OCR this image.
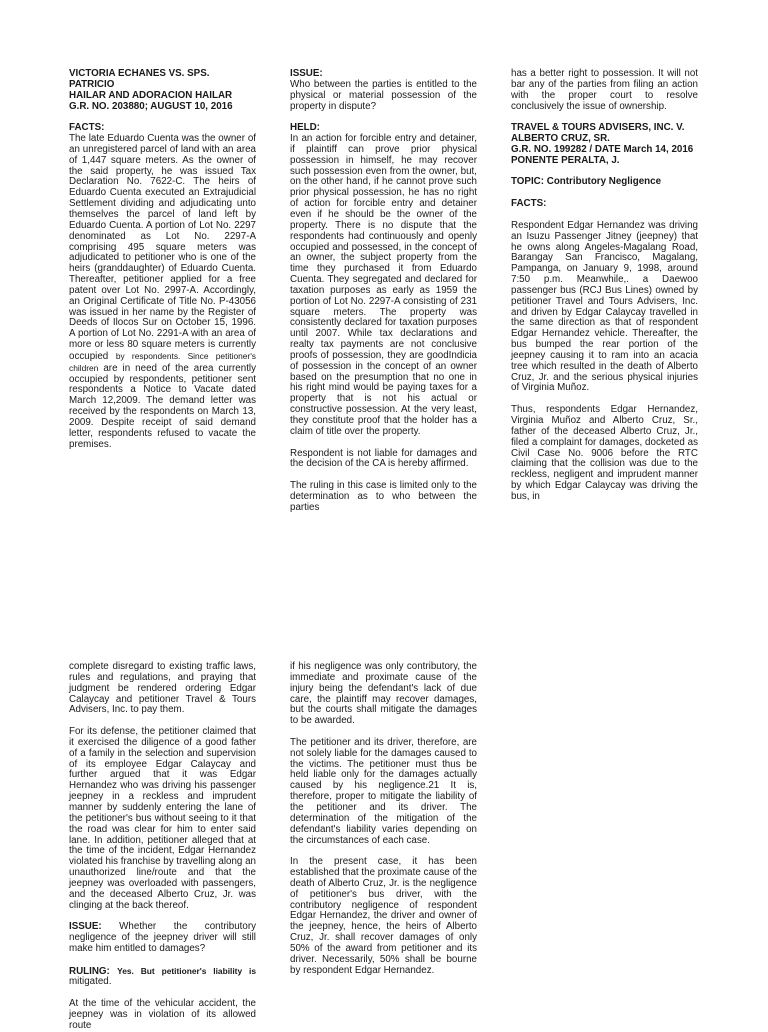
VICTORIA ECHANES VS. SPS. PATRICIO
HAILAR AND ADORACION HAILAR

G.R. NO. 203880; AUGUST 10, 2016

FACTS:
The late Eduardo Cuenta was the owner of an unregistered parcel of land with an area of 1,447 square meters. As the owner of the said property, he was issued Tax Declaration No. 7622-C. The heirs of Eduardo Cuenta executed an Extrajudicial Settlement dividing and adjudicating unto themselves the parcel of land left by Eduardo Cuenta. A portion of Lot No. 2297 denominated as Lot No. 2297-A comprising 495 square meters was adjudicated to petitioner who is one of the heirs (granddaughter) of Eduardo Cuenta. Thereafter, petitioner applied for a free patent over Lot No. 2997-A. Accordingly, an Original Certificate of Title No. P-43056 was issued in her name by the Register of Deeds of Ilocos Sur on October 15, 1996. A portion of Lot No. 2291-A with an area of more or less 80 square meters is currently occupied by respondents. Since petitioner's children are in need of the area currently occupied by respondents, petitioner sent respondents a Notice to Vacate dated March 12,2009. The demand letter was received by the respondents on March 13, 2009. Despite receipt of said demand letter, respondents refused to vacate the premises.
ISSUE:

Who between the parties is entitled to the physical or material possession of the property in dispute?

HELD:

In an action for forcible entry and detainer, if plaintiff can prove prior physical possession in himself, he may recover such possession even from the owner, but, on the other hand, if he cannot prove such prior physical possession, he has no right of action for forcible entry and detainer even if he should be the owner of the property. There is no dispute that the respondents had continuously and openly occupied and possessed, in the concept of an owner, the subject property from the time they purchased it from Eduardo Cuenta. They segregated and declared for taxation purposes as early as 1959 the portion of Lot No. 2297-A consisting of 231 square meters. The property was consistently declared for taxation purposes until 2007. While tax declarations and realty tax payments are not conclusive proofs of possession, they are goodIndicia of possession in the concept of an owner based on the presumption that no one in his right mind would be paying taxes for a property that is not his actual or constructive possession. At the very least, they constitute proof that the holder has a claim of title over the property.

Respondent is not liable for damages and the decision of the CA is hereby affirmed.

The ruling in this case is limited only to the determination as to who between the parties

has a better right to possession. It will not bar any of the parties from filing an action with the proper court to resolve conclusively the issue of ownership.

TRAVEL & TOURS ADVISERS, INC. V.
ALBERTO CRUZ, SR.
G.R. NO. 199282 / DATE March 14, 2016

PONENTE PERALTA, J.

TOPIC: Contributory Negligence

FACTS:

Respondent Edgar Hernandez was driving an Isuzu Passenger Jitney (jeepney) that he owns along Angeles-Magalang Road, Barangay San Francisco, Magalang, Pampanga, on January 9, 1998, around 7:50 p.m. Meanwhile,. a Daewoo passenger bus (RCJ Bus Lines) owned by petitioner Travel and Tours Advisers, Inc. and driven by Edgar Calaycay travelled in the same direction as that of respondent Edgar Hernandez vehicle. Thereafter, the bus bumped the rear portion of the jeepney causing it to ram into an acacia tree which resulted in the death of Alberto Cruz, Jr. and the serious physical injuries of Virginia Muñoz.

Thus, respondents Edgar Hernandez, Virginia Muñoz and Alberto Cruz, Sr., father of the deceased Alberto Cruz, Jr., filed a complaint for damages, docketed as Civil Case No. 9006 before the RTC claiming that the collision was due to the reckless, negligent and imprudent manner by which Edgar Calaycay was driving the bus, in

complete disregard to existing traffic laws, rules and regulations, and praying that judgment be rendered ordering Edgar Calaycay and petitioner Travel & Tours Advisers, Inc. to pay them.

For its defense, the petitioner claimed that it exercised the diligence of a good father of a family in the selection and supervision of its employee Edgar Calaycay and further argued that it was Edgar Hernandez who was driving his passenger jeepney in a reckless and imprudent manner by suddenly entering the lane of the petitioner's bus without seeing to it that the road was clear for him to enter said lane. In addition, petitioner alleged that at the time of the incident, Edgar Hernandez violated his franchise by travelling along an unauthorized line/route and that the jeepney was overloaded with passengers, and the deceased Alberto Cruz, Jr. was clinging at the back thereof.

ISSUE: Whether the contributory negligence of the jeepney driver will still make him entitled to damages?

RULING: Yes. But petitioner's liability is mitigated.

At the time of the vehicular accident, the jeepney was in violation of its allowed route

if his negligence was only contributory, the immediate and proximate cause of the injury being the defendant's lack of due care, the plaintiff may recover damages, but the courts shall mitigate the damages to be awarded.

The petitioner and its driver, therefore, are not solely liable for the damages caused to the victims. The petitioner must thus be held liable only for the damages actually caused by his negligence.21 It is, therefore, proper to mitigate the liability of the petitioner and its driver. The determination of the mitigation of the defendant's liability varies depending on the circumstances of each case.

In the present case, it has been established that the proximate cause of the death of Alberto Cruz, Jr. is the negligence of petitioner's bus driver, with the contributory negligence of respondent Edgar Hernandez, the driver and owner of the jeepney, hence, the heirs of Alberto Cruz, Jr. shall recover damages of only 50% of the award from petitioner and its driver. Necessarily, 50% shall be bourne by respondent Edgar Hernandez.
